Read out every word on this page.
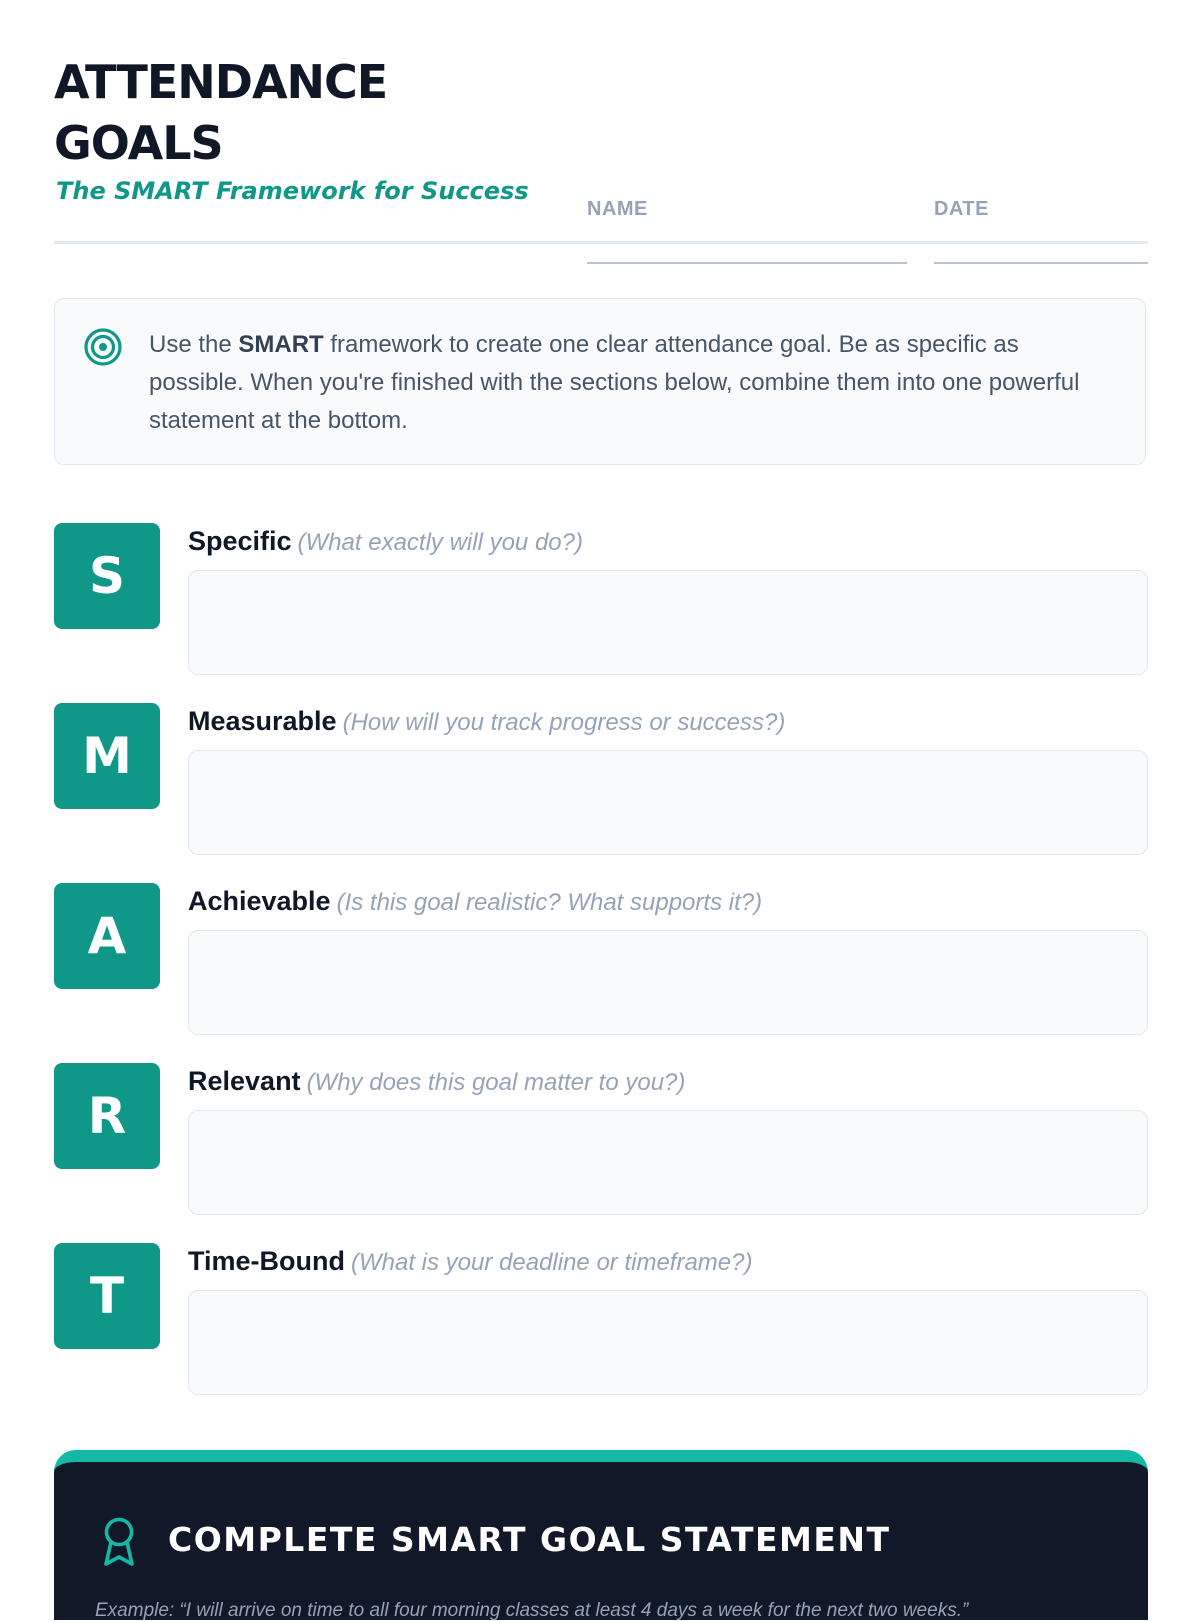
ATTENDANCE
GOALS
The SMART Framework for Success
NAME	DATE
Use the SMART framework to create one clear attendance goal. Be as specific as possible. When you're finished with the sections below, combine them into one powerful statement at the bottom.
S
Specific (What exactly will you do?)
M
Measurable (How will you track progress or success?)
A
Achievable (Is this goal realistic? What supports it?)
R
Relevant (Why does this goal matter to you?)
T
Time-Bound (What is your deadline or timeframe?)
COMPLETE SMART GOAL STATEMENT
Example: “I will arrive on time to all four morning classes at least 4 days a week for the next two weeks.”
